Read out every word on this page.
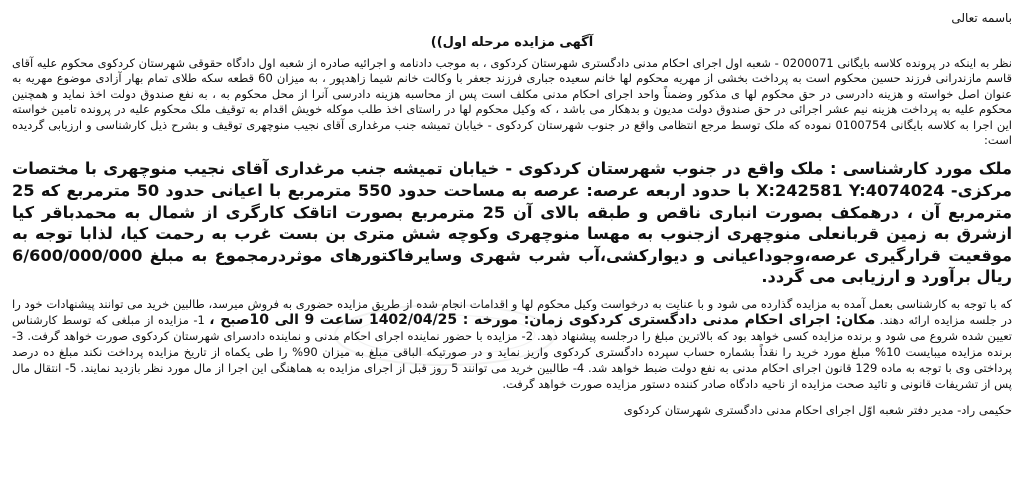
باسمه تعالی
آگهی مزایده مرحله اول))

نظر به اینکه در پرونده کلاسه بایگانی 0200071 - شعبه اول اجرای احکام مدنی دادگستری شهرستان کردکوی ، به موجب دادنامه و اجرائیه صادره از شعبه اول دادگاه حقوقی شهرستان کردکوی محکوم علیه آقای قاسم مازندرانی فرزند حسین محکوم است به پرداخت بخشی از مهریه محکوم لها خانم سعیده جباری فرزند جعفر با وکالت خانم شیما زاهدپور ، به میزان 60 قطعه سکه طلای تمام بهار آزادی موضوع مهریه به عنوان اصل خواسته و هزینه دادرسی در حق محکوم لها ی مذکور وضمناً واحد اجرای احکام مدنی مکلف است پس از محاسبه هزینه دادرسی آنرا از محل محکوم به ، به نفع صندوق دولت اخذ نماید و همچنین محکوم علیه به پرداخت هزینه نیم عشر اجرائی در حق صندوق دولت مدیون و بدهکار می باشد ، که وکیل محکوم لها در راستای اخذ طلب موکله خویش اقدام به توقیف ملک محکوم علیه در پرونده تامین خواسته این اجرا به کلاسه بایگانی 0100754 نموده که ملک توسط مرجع انتظامی واقع در جنوب شهرستان کردکوی - خیابان تمیشه جنب مرغداری آقای نجیب منوچهری توقیف و بشرح ذیل کارشناسی و ارزیابی گردیده است:

ملک مورد کارشناسی : ملک واقع در جنوب شهرستان کردکوی - خیابان تمیشه جنب مرغداری آقای نجیب منوچهری با مختصات مرکزی- X:242581 Y:4074024 با حدود اربعه عرصه: عرصه به مساحت حدود 550 مترمربع با اعیانی حدود 50 مترمربع که 25 مترمربع آن ، درهمکف بصورت انباری ناقص و طبقه بالای آن 25 مترمربع بصورت اتاقک کارگری از شمال به محمدباقر کیا ازشرق به زمین قربانعلی منوچهری ازجنوب به مهسا منوچهری وکوچه شش متری بن بست غرب به رحمت کیا، لذابا توجه به موقعیت قرارگیری عرصه،وجوداعیانی و دیوارکشی،آب شرب شهری وسایرفاکتورهای موثردرمجموع به مبلغ 6/600/000/000 ریال برآورد و ارزیابی می گردد.

که با توجه به کارشناسی بعمل آمده به مزایده گذارده می شود و با عنایت به درخواست وکیل محکوم لها و اقدامات انجام شده از طریق مزایده حضوری به فروش میرسد، طالبین خرید می توانند پیشنهادات خود را در جلسه مزایده ارائه دهند. مکان: اجرای احکام مدنی دادگستری کردکوی زمان: مورخه : 1402/04/25 ساعت 9 الی 10صبح ، 1- مزایده از مبلغی که توسط کارشناس تعیین شده شروع می شود و برنده مزایده کسی خواهد بود که بالاترین مبلغ را درجلسه پیشنهاد دهد. 2- مزایده با حضور نماینده اجرای احکام مدنی و نماینده دادسرای شهرستان کردکوی صورت خواهد گرفت. 3-برنده مزایده میبایست 10% مبلغ مورد خرید را نقداً بشماره حساب سپرده دادگستری کردکوی واریز نماید و در صورتیکه الباقی مبلغ به میزان 90% را طی یکماه از تاریخ مزایده پرداخت نکند مبلغ ده درصد پرداختی وی با توجه به ماده 129 قانون اجرای احکام مدنی به نفع دولت ضبط خواهد شد. 4- طالبین خرید می توانند 5 روز قبل از اجرای مزایده به هماهنگی این اجرا از مال مورد نظر بازدید نمایند. 5- انتقال مال پس از تشریفات قانونی و تائید صحت مزایده از ناحیه دادگاه صادر کننده دستور مزایده صورت خواهد گرفت.

حکیمی راد- مدیر دفتر شعبه اوّل اجرای احکام مدنی دادگستری شهرستان کردکوی
